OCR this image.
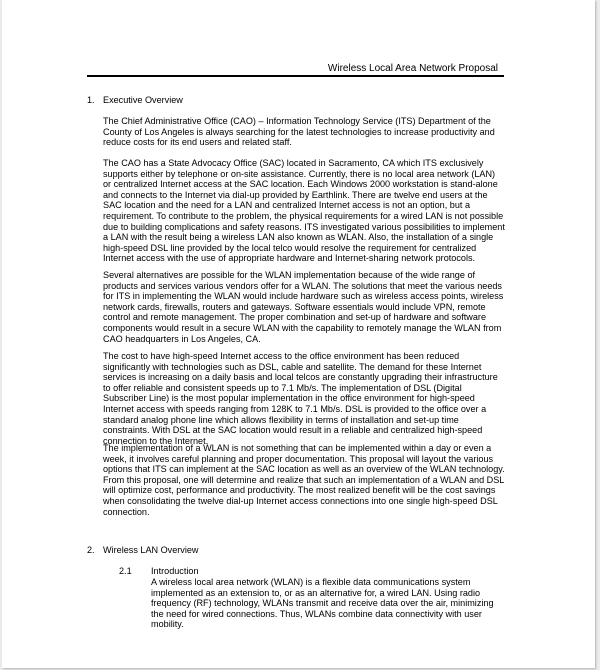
Wireless Local Area Network Proposal
1. Executive Overview

The Chief Administrative Office (CAO) – Information Technology Service (ITS) Department of the County of Los Angeles is always searching for the latest technologies to increase productivity and reduce costs for its end users and related staff.

The CAO has a State Advocacy Office (SAC) located in Sacramento, CA which ITS exclusively supports either by telephone or on-site assistance. Currently, there is no local area network (LAN) or centralized Internet access at the SAC location. Each Windows 2000 workstation is stand-alone and connects to the Internet via dial-up provided by Earthlink. There are twelve end users at the SAC location and the need for a LAN and centralized Internet access is not an option, but a requirement. To contribute to the problem, the physical requirements for a wired LAN is not possible due to building complications and safety reasons. ITS investigated various possibilities to implement a LAN with the result being a wireless LAN also known as WLAN. Also, the installation of a single high-speed DSL line provided by the local telco would resolve the requirement for centralized Internet access with the use of appropriate hardware and Internet-sharing network protocols.

Several alternatives are possible for the WLAN implementation because of the wide range of products and services various vendors offer for a WLAN. The solutions that meet the various needs for ITS in implementing the WLAN would include hardware such as wireless access points, wireless network cards, firewalls, routers and gateways. Software essentials would include VPN, remote control and remote management. The proper combination and set-up of hardware and software components would result in a secure WLAN with the capability to remotely manage the WLAN from CAO headquarters in Los Angeles, CA.

The cost to have high-speed Internet access to the office environment has been reduced significantly with technologies such as DSL, cable and satellite. The demand for these Internet services is increasing on a daily basis and local telcos are constantly upgrading their infrastructure to offer reliable and consistent speeds up to 7.1 Mb/s. The implementation of DSL (Digital Subscriber Line) is the most popular implementation in the office environment for high-speed Internet access with speeds ranging from 128K to 7.1 Mb/s. DSL is provided to the office over a standard analog phone line which allows flexibility in terms of installation and set-up time constraints. With DSL at the SAC location would result in a reliable and centralized high-speed connection to the Internet.

The implementation of a WLAN is not something that can be implemented within a day or even a week, it involves careful planning and proper documentation. This proposal will layout the various options that ITS can implement at the SAC location as well as an overview of the WLAN technology. From this proposal, one will determine and realize that such an implementation of a WLAN and DSL will optimize cost, performance and productivity. The most realized benefit will be the cost savings when consolidating the twelve dial-up Internet access connections into one single high-speed DSL connection.

2. Wireless LAN Overview
2.1 Introduction

A wireless local area network (WLAN) is a flexible data communications system implemented as an extension to, or as an alternative for, a wired LAN. Using radio frequency (RF) technology, WLANs transmit and receive data over the air, minimizing the need for wired connections. Thus, WLANs combine data connectivity with user mobility.
